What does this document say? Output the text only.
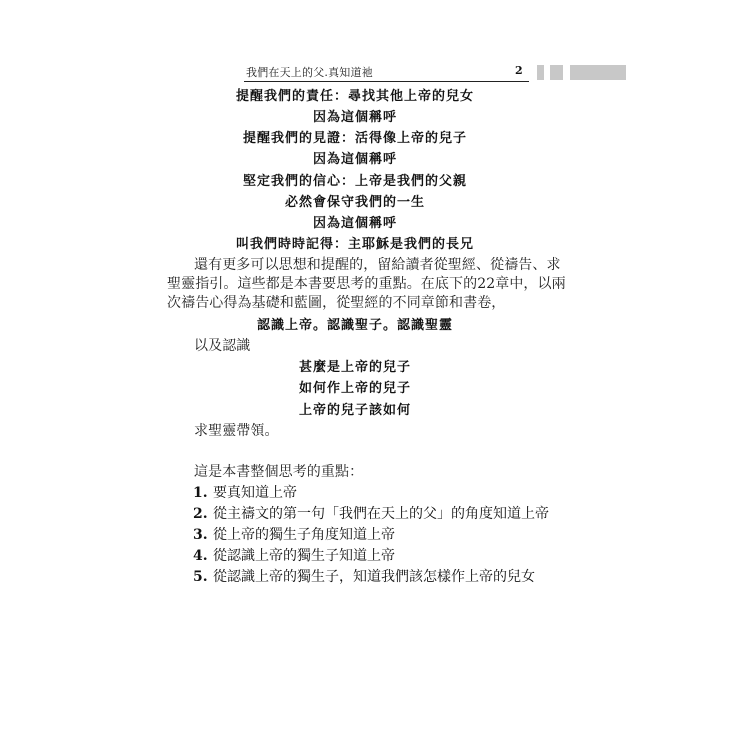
我們在天上的父.真知道祂	2
提醒我們的責任：尋找其他上帝的兒女
因為這個稱呼
提醒我們的見證：活得像上帝的兒子
因為這個稱呼
堅定我們的信心：上帝是我們的父親
必然會保守我們的一生
因為這個稱呼
叫我們時時記得：主耶穌是我們的長兄
還有更多可以思想和提醒的，留給讀者從聖經、從禱告、求
聖靈指引。這些都是本書要思考的重點。在底下的22章中，以兩
次禱告心得為基礎和藍圖，從聖經的不同章節和書卷，
認識上帝。認識聖子。認識聖靈
以及認識
甚麼是上帝的兒子
如何作上帝的兒子
上帝的兒子該如何
求聖靈帶領。
這是本書整個思考的重點：
1. 要真知道上帝
2. 從主禱文的第一句「我們在天上的父」的角度知道上帝
3. 從上帝的獨生子角度知道上帝
4. 從認識上帝的獨生子知道上帝
5. 從認識上帝的獨生子，知道我們該怎樣作上帝的兒女
